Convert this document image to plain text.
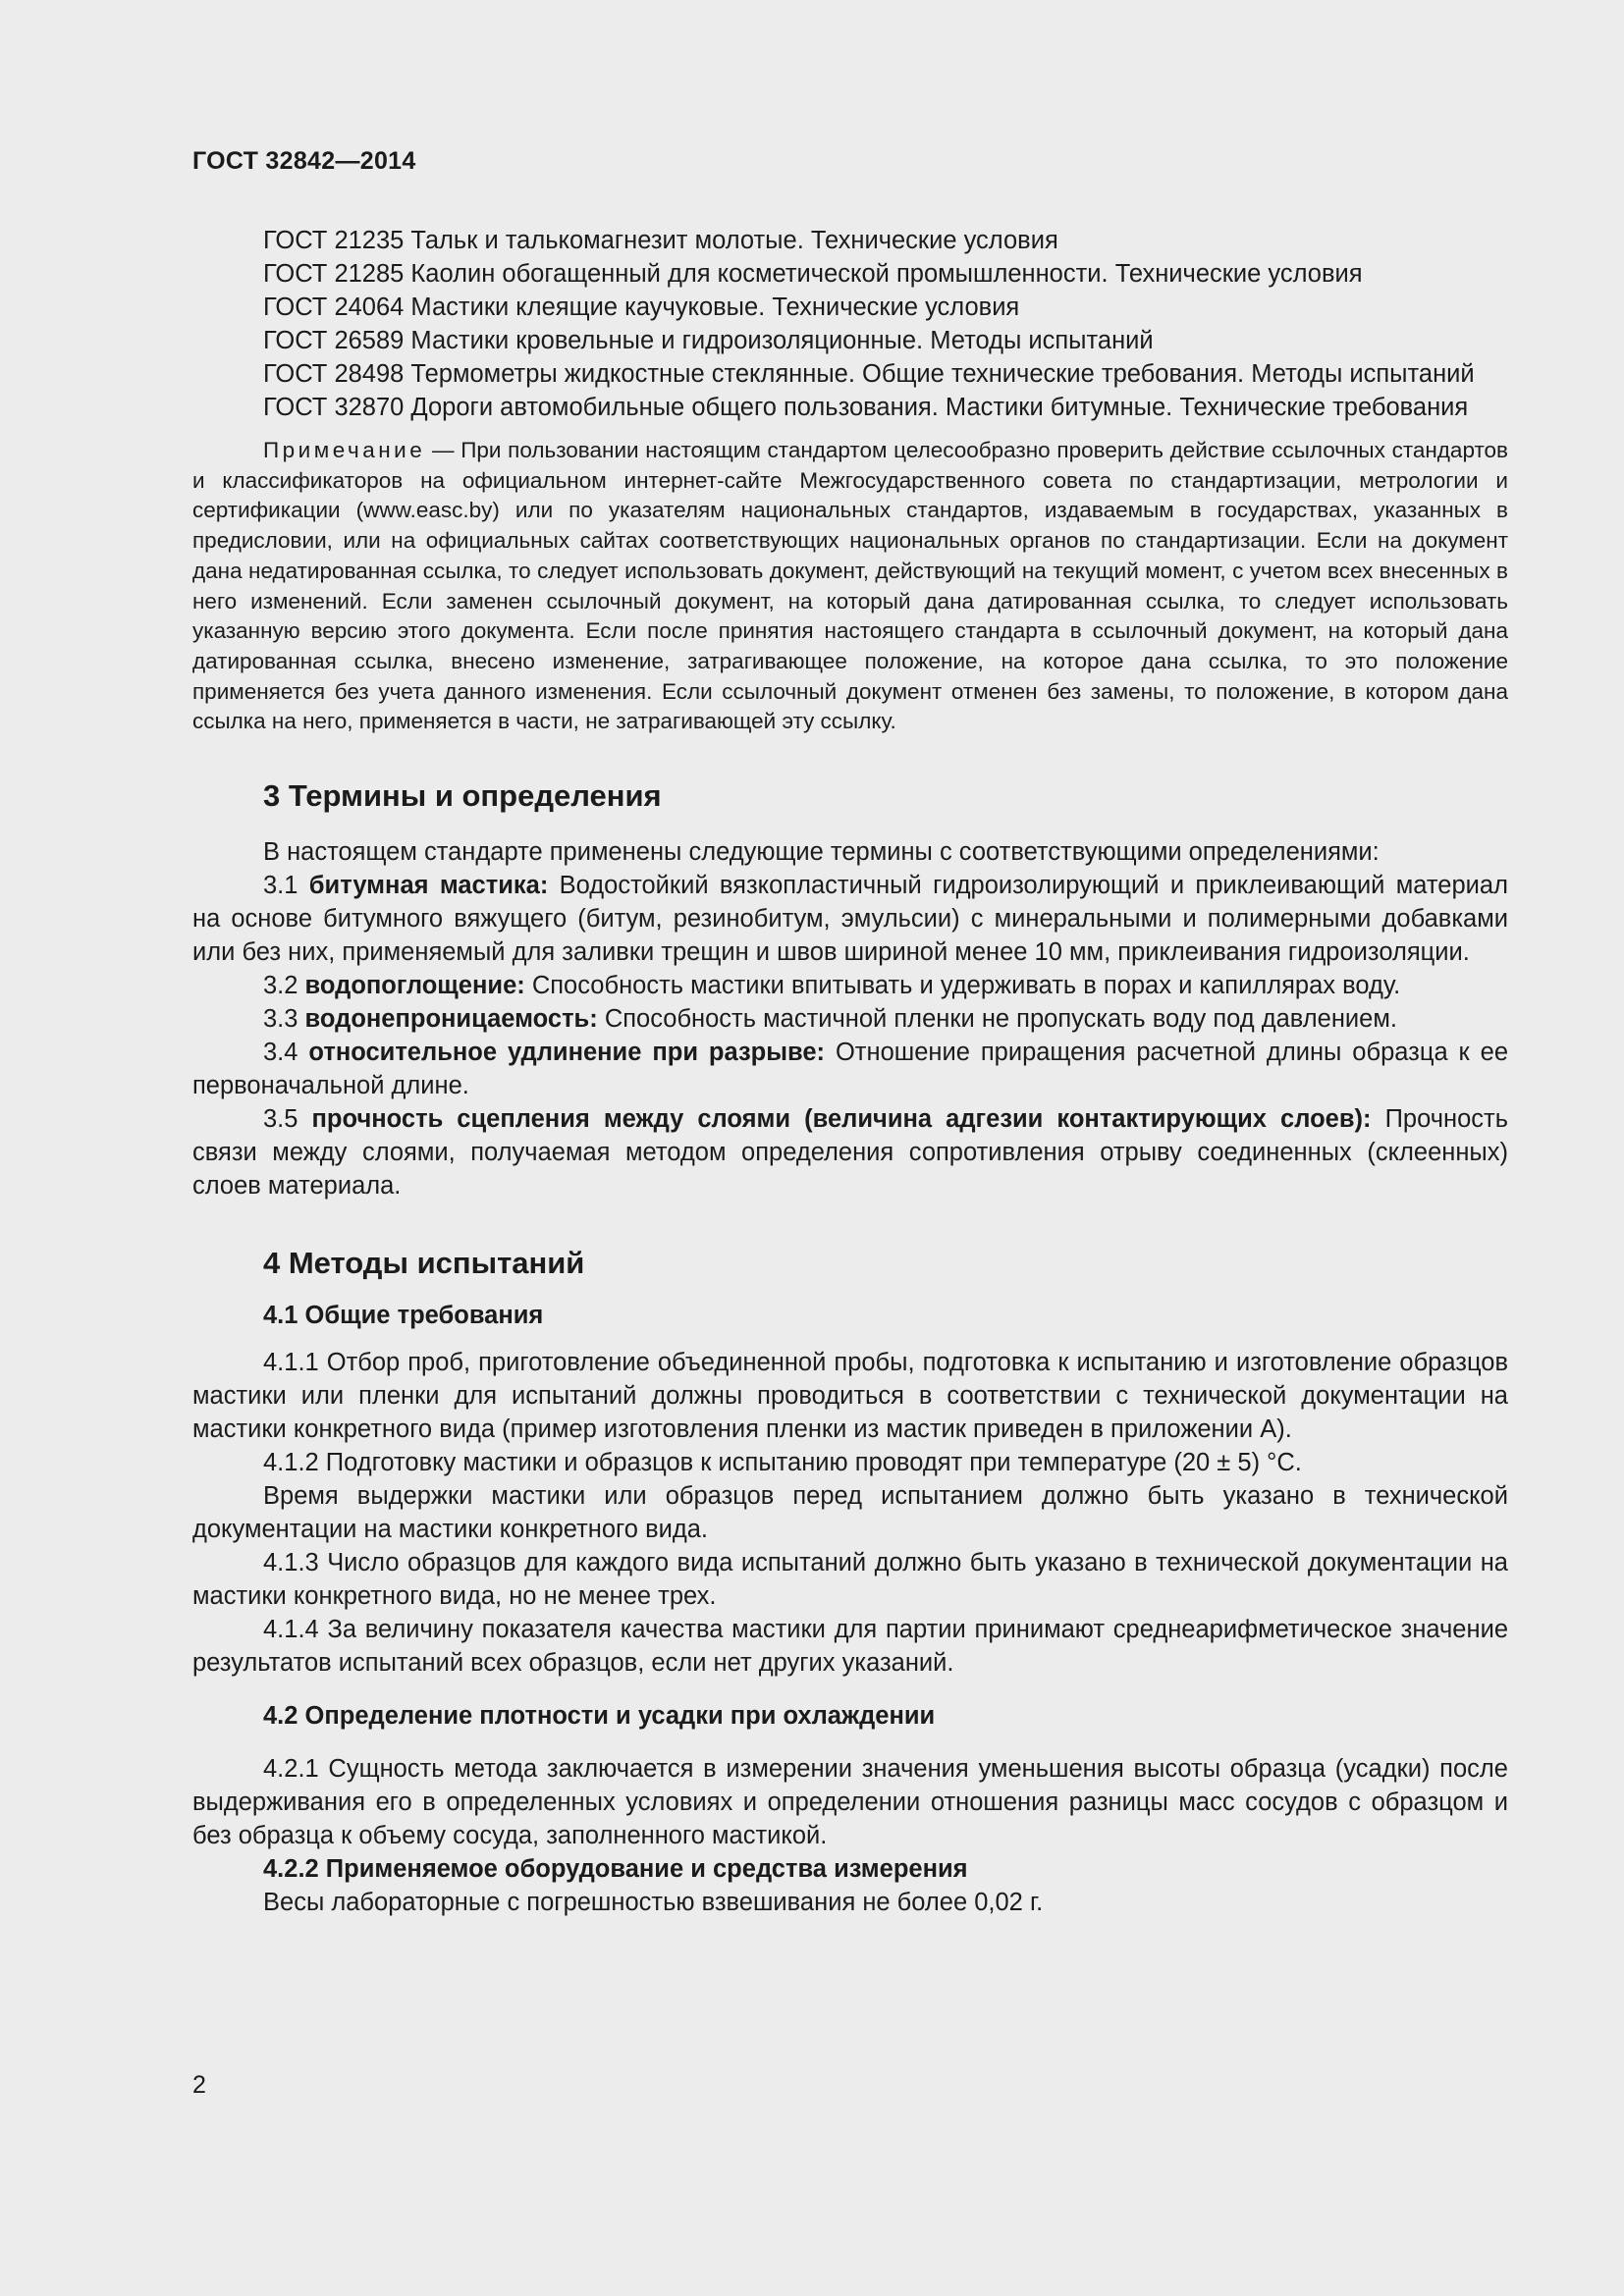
ГОСТ 32842—2014

ГОСТ 21235 Тальк и талькомагнезит молотые. Технические условия

ГОСТ 21285 Каолин обогащенный для косметической промышленности. Технические условия

ГОСТ 24064 Мастики клеящие каучуковые. Технические условия

ГОСТ 26589 Мастики кровельные и гидроизоляционные. Методы испытаний

ГОСТ 28498 Термометры жидкостные стеклянные. Общие технические требования. Методы испытаний

ГОСТ 32870 Дороги автомобильные общего пользования. Мастики битумные. Технические требования

Примечание — При пользовании настоящим стандартом целесообразно проверить действие ссылочных стандартов и классификаторов на официальном интернет-сайте Межгосударственного совета по стандартизации, метрологии и сертификации (www.easc.by) или по указателям национальных стандартов, издаваемым в государствах, указанных в предисловии, или на официальных сайтах соответствующих национальных органов по стандартизации. Если на документ дана недатированная ссылка, то следует использовать документ, действующий на текущий момент, с учетом всех внесенных в него изменений. Если заменен ссылочный документ, на который дана датированная ссылка, то следует использовать указанную версию этого документа. Если после принятия настоящего стандарта в ссылочный документ, на который дана датированная ссылка, внесено изменение, затрагивающее положение, на которое дана ссылка, то это положение применяется без учета данного изменения. Если ссылочный документ отменен без замены, то положение, в котором дана ссылка на него, применяется в части, не затрагивающей эту ссылку.

3 Термины и определения

В настоящем стандарте применены следующие термины с соответствующими определениями:

3.1 битумная мастика: Водостойкий вязкопластичный гидроизолирующий и приклеивающий материал на основе битумного вяжущего (битум, резинобитум, эмульсии) с минеральными и полимерными добавками или без них, применяемый для заливки трещин и швов шириной менее 10 мм, приклеивания гидроизоляции.

3.2 водопоглощение: Способность мастики впитывать и удерживать в порах и капиллярах воду.

3.3 водонепроницаемость: Способность мастичной пленки не пропускать воду под давлением.

3.4 относительное удлинение при разрыве: Отношение приращения расчетной длины образца к ее первоначальной длине.

3.5 прочность сцепления между слоями (величина адгезии контактирующих слоев): Прочность связи между слоями, получаемая методом определения сопротивления отрыву соединенных (склеенных) слоев материала.

4 Методы испытаний
4.1 Общие требования

4.1.1 Отбор проб, приготовление объединенной пробы, подготовка к испытанию и изготовление образцов мастики или пленки для испытаний должны проводиться в соответствии с технической документации на мастики конкретного вида (пример изготовления пленки из мастик приведен в приложении А).

4.1.2 Подготовку мастики и образцов к испытанию проводят при температуре (20 ± 5) °С.

Время выдержки мастики или образцов перед испытанием должно быть указано в технической документации на мастики конкретного вида.

4.1.3 Число образцов для каждого вида испытаний должно быть указано в технической документации на мастики конкретного вида, но не менее трех.

4.1.4 За величину показателя качества мастики для партии принимают среднеарифметическое значение результатов испытаний всех образцов, если нет других указаний.

4.2 Определение плотности и усадки при охлаждении

4.2.1 Сущность метода заключается в измерении значения уменьшения высоты образца (усадки) после выдерживания его в определенных условиях и определении отношения разницы масс сосудов с образцом и без образца к объему сосуда, заполненного мастикой.

4.2.2 Применяемое оборудование и средства измерения

Весы лабораторные с погрешностью взвешивания не более 0,02 г.

2
